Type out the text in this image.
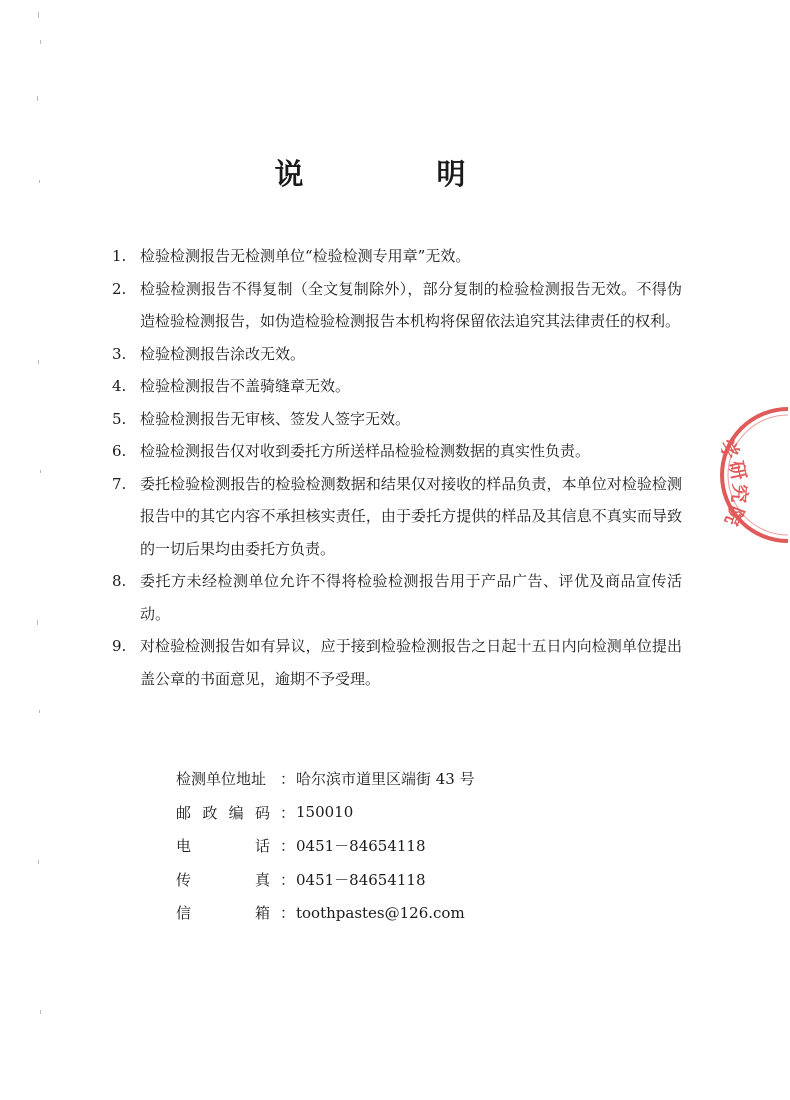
说　明
1. 检验检测报告无检测单位“检验检测专用章”无效。
2. 检验检测报告不得复制（全文复制除外），部分复制的检验检测报告无效。不得伪造检验检测报告，如伪造检验检测报告本机构将保留依法追究其法律责任的权利。
3. 检验检测报告涂改无效。
4. 检验检测报告不盖骑缝章无效。
5. 检验检测报告无审核、签发人签字无效。
6. 检验检测报告仅对收到委托方所送样品检验检测数据的真实性负责。
7. 委托检验检测报告的检验检测数据和结果仅对接收的样品负责，本单位对检验检测报告中的其它内容不承担核实责任，由于委托方提供的样品及其信息不真实而导致的一切后果均由委托方负责。
8. 委托方未经检测单位允许不得将检验检测报告用于产品广告、评优及商品宣传活动。
9. 对检验检测报告如有异议，应于接到检验检测报告之日起十五日内向检测单位提出盖公章的书面意见，逾期不予受理。
检测单位地址 ： 哈尔滨市道里区端街 43 号
邮 政 编 码 ： 150010
电	话 ： 0451－84654118
传	真 ： 0451－84654118
信	箱 ： toothpastes@126.com
学研究院
